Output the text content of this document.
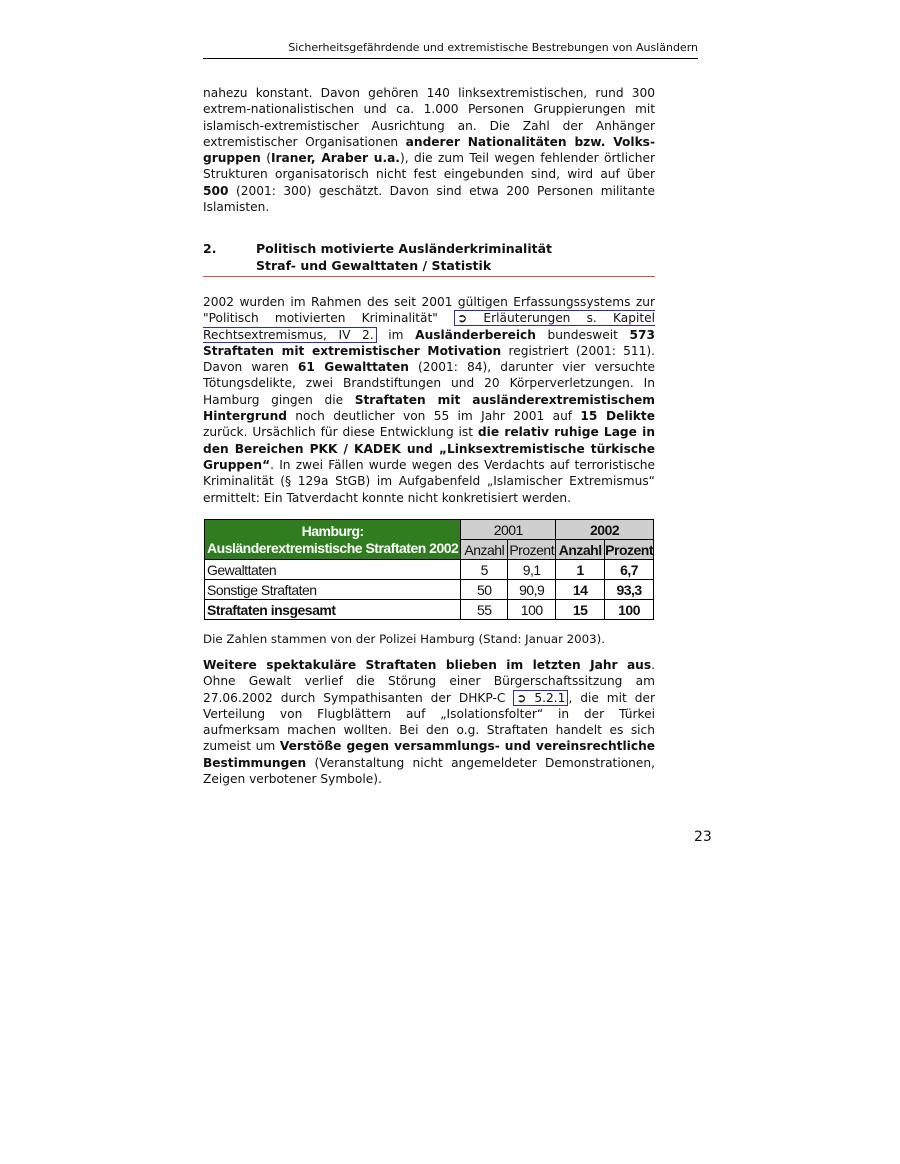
Sicherheitsgefährdende und extremistische Bestrebungen von Ausländern
nahezu konstant. Davon gehören 140 linksextremistischen, rund 300 extrem-nationalistischen und ca. 1.000 Personen Gruppierungen mit islamisch-extremistischer Ausrichtung an. Die Zahl der Anhänger extremistischer Organisationen anderer Nationalitäten bzw. Volksgruppen (Iraner, Araber u.a.), die zum Teil wegen fehlender örtlicher Strukturen organisatorisch nicht fest eingebunden sind, wird auf über 500 (2001: 300) geschätzt. Davon sind etwa 200 Personen militante Islamisten.
2.	Politisch motivierte Ausländerkriminalität
Straf- und Gewalttaten / Statistik
2002 wurden im Rahmen des seit 2001 gültigen Erfassungssystems zur "Politisch motivierten Kriminalität" ➲ Erläuterungen s. Kapitel Rechtsextremismus, IV 2. im Ausländerbereich bundesweit 573 Straftaten mit extremistischer Motivation registriert (2001: 511). Davon waren 61 Gewalttaten (2001: 84), darunter vier versuchte Tötungsdelikte, zwei Brandstiftungen und 20 Körperverletzungen. In Hamburg gingen die Straftaten mit ausländerextremistischem Hintergrund noch deutlicher von 55 im Jahr 2001 auf 15 Delikte zurück. Ursächlich für diese Entwicklung ist die relativ ruhige Lage in den Bereichen PKK / KADEK und „Linksextremistische türkische Gruppen“. In zwei Fällen wurde wegen des Verdachts auf terroristische Kriminalität (§ 129a StGB) im Aufgabenfeld „Islamischer Extremismus“ ermittelt: Ein Tatverdacht konnte nicht konkretisiert werden.
Hamburg:
Ausländerextremistische Straftaten 2002	2001		2002	
	Anzahl	Prozent	Anzahl	Prozent
Gewalttaten	5	9,1	1	6,7
Sonstige Straftaten	50	90,9	14	93,3
Straftaten insgesamt	55	100	15	100
Die Zahlen stammen von der Polizei Hamburg (Stand: Januar 2003).
Weitere spektakuläre Straftaten blieben im letzten Jahr aus. Ohne Gewalt verlief die Störung einer Bürgerschaftssitzung am 27.06.2002 durch Sympathisanten der DHKP-C ➲ 5.2.1 , die mit der Verteilung von Flugblättern auf „Isolationsfolter“ in der Türkei aufmerksam machen wollten. Bei den o.g. Straftaten handelt es sich zumeist um Verstöße gegen versammlungs- und vereinsrechtliche Bestimmungen (Veranstaltung nicht angemeldeter Demonstrationen, Zeigen verbotener Symbole).
23
